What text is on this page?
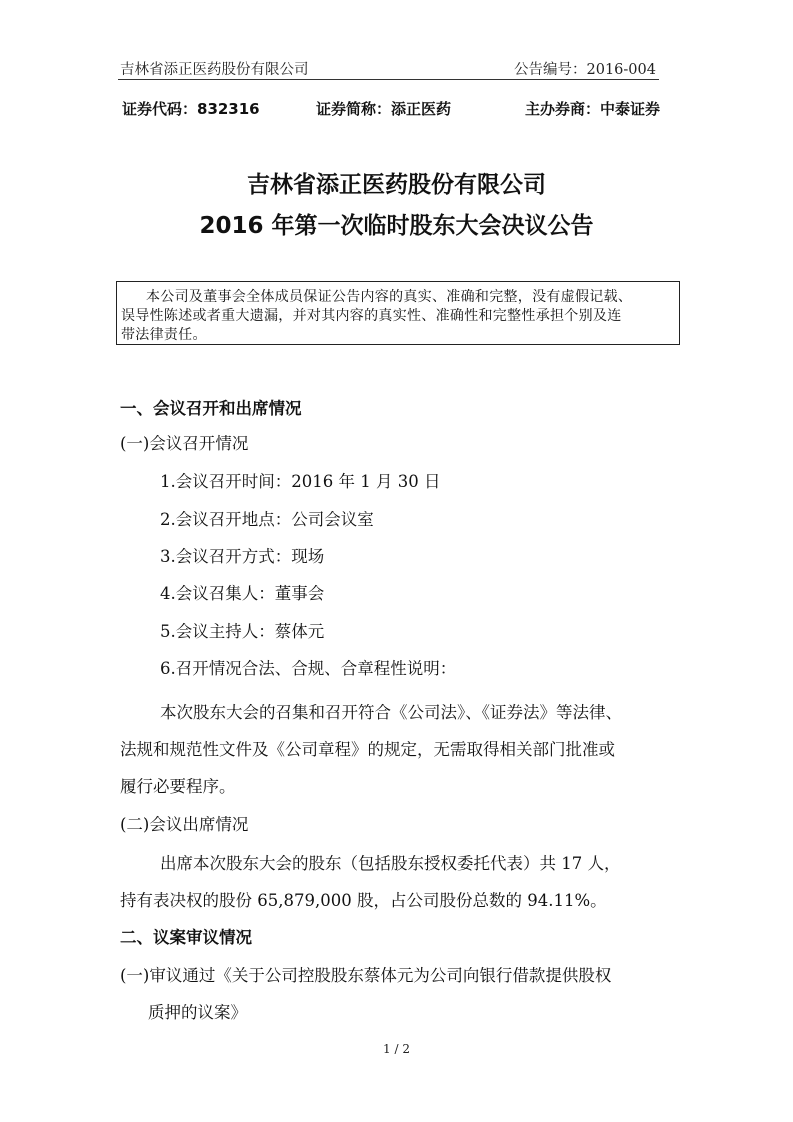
吉林省添正医药股份有限公司	公告编号：2016-004
证券代码：832316	证券简称：添正医药	主办券商：中泰证券
吉林省添正医药股份有限公司
2016 年第一次临时股东大会决议公告
本公司及董事会全体成员保证公告内容的真实、准确和完整，没有虚假记载、
误导性陈述或者重大遗漏，并对其内容的真实性、准确性和完整性承担个别及连
带法律责任。
一、会议召开和出席情况
(一)会议召开情况
1.会议召开时间：2016 年 1 月 30 日
2.会议召开地点：公司会议室
3.会议召开方式：现场
4.会议召集人：董事会
5.会议主持人：蔡体元
6.召开情况合法、合规、合章程性说明：
本次股东大会的召集和召开符合《公司法》、《证券法》等法律、
法规和规范性文件及《公司章程》的规定，无需取得相关部门批准或
履行必要程序。
(二)会议出席情况
出席本次股东大会的股东（包括股东授权委托代表）共 17 人，
持有表决权的股份 65,879,000 股，占公司股份总数的 94.11%。
二、议案审议情况
(一)审议通过《关于公司控股股东蔡体元为公司向银行借款提供股权
质押的议案》
1 / 2
